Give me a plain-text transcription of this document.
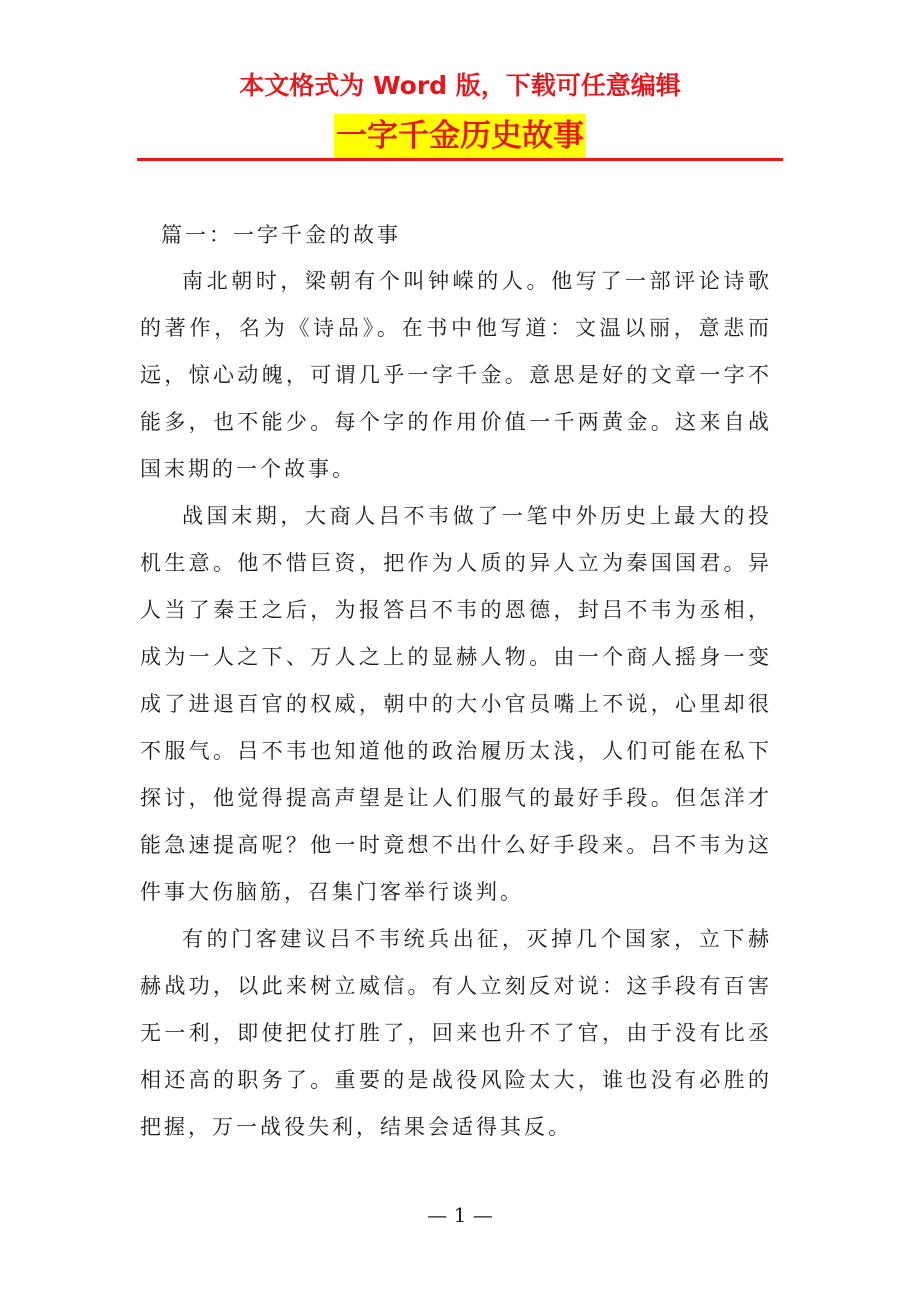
本文格式为 Word 版，下载可任意编辑
一字千金历史故事

篇一：一字千金的故事

南北朝时，梁朝有个叫钟嵘的人。他写了一部评论诗歌的著作，名为《诗品》。在书中他写道：文温以丽，意悲而远，惊心动魄，可谓几乎一字千金。意思是好的文章一字不能多，也不能少。每个字的作用价值一千两黄金。这来自战国末期的一个故事。

战国末期，大商人吕不韦做了一笔中外历史上最大的投机生意。他不惜巨资，把作为人质的异人立为秦国国君。异人当了秦王之后，为报答吕不韦的恩德，封吕不韦为丞相，成为一人之下、万人之上的显赫人物。由一个商人摇身一变成了进退百官的权威，朝中的大小官员嘴上不说，心里却很不服气。吕不韦也知道他的政治履历太浅，人们可能在私下探讨，他觉得提高声望是让人们服气的最好手段。但怎洋才能急速提高呢？他一时竟想不出什么好手段来。吕不韦为这件事大伤脑筋，召集门客举行谈判。

有的门客建议吕不韦统兵出征，灭掉几个国家，立下赫赫战功，以此来树立威信。有人立刻反对说：这手段有百害无一利，即使把仗打胜了，回来也升不了官，由于没有比丞相还高的职务了。重要的是战役风险太大，谁也没有必胜的把握，万一战役失利，结果会适得其反。

— 1 —
